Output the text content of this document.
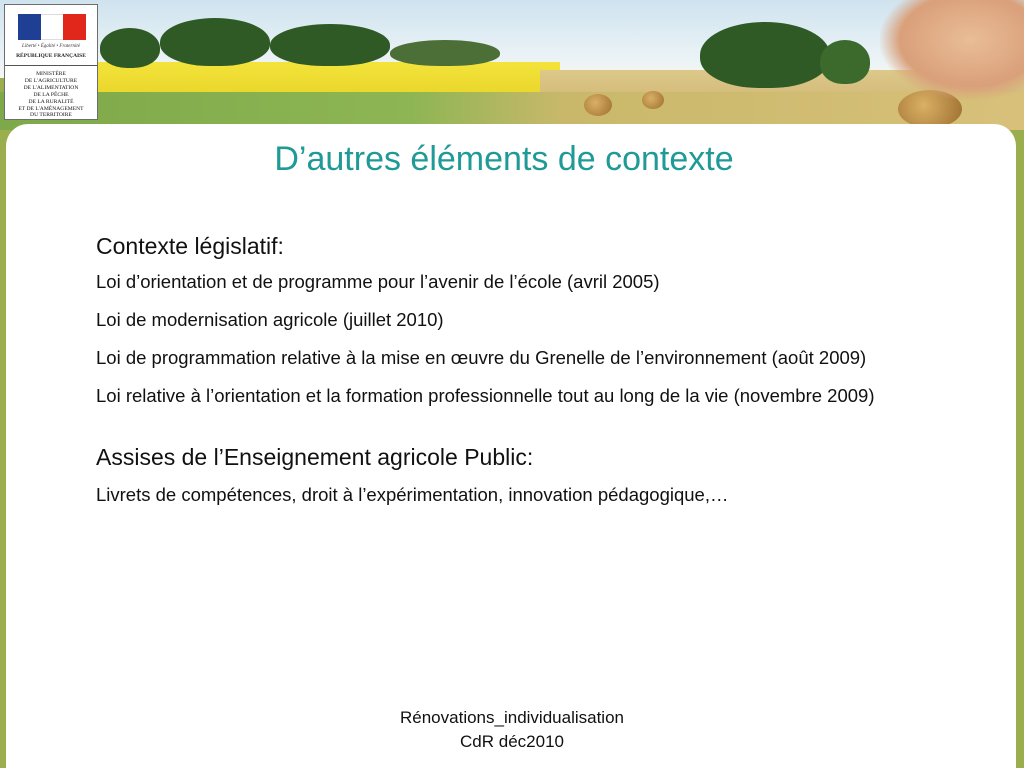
Liberté • Égalité • Fraternité
RÉPUBLIQUE FRANÇAISE
MINISTÈRE
DE L'AGRICULTURE
DE L'ALIMENTATION
DE LA PÊCHE
DE LA RURALITÉ
ET DE L'AMÉNAGEMENT
DU TERRITOIRE
D’autres éléments de contexte
Contexte législatif:
Loi d’orientation et de programme pour l’avenir de l’école (avril 2005)
Loi de modernisation agricole (juillet 2010)
Loi de programmation relative à la mise en œuvre du Grenelle de l’environnement (août 2009)
Loi relative à l’orientation et la formation professionnelle tout au long de la vie (novembre 2009)
Assises de l’Enseignement agricole Public:
Livrets de compétences, droit à l’expérimentation, innovation pédagogique,…
Rénovations_individualisation
CdR déc2010
